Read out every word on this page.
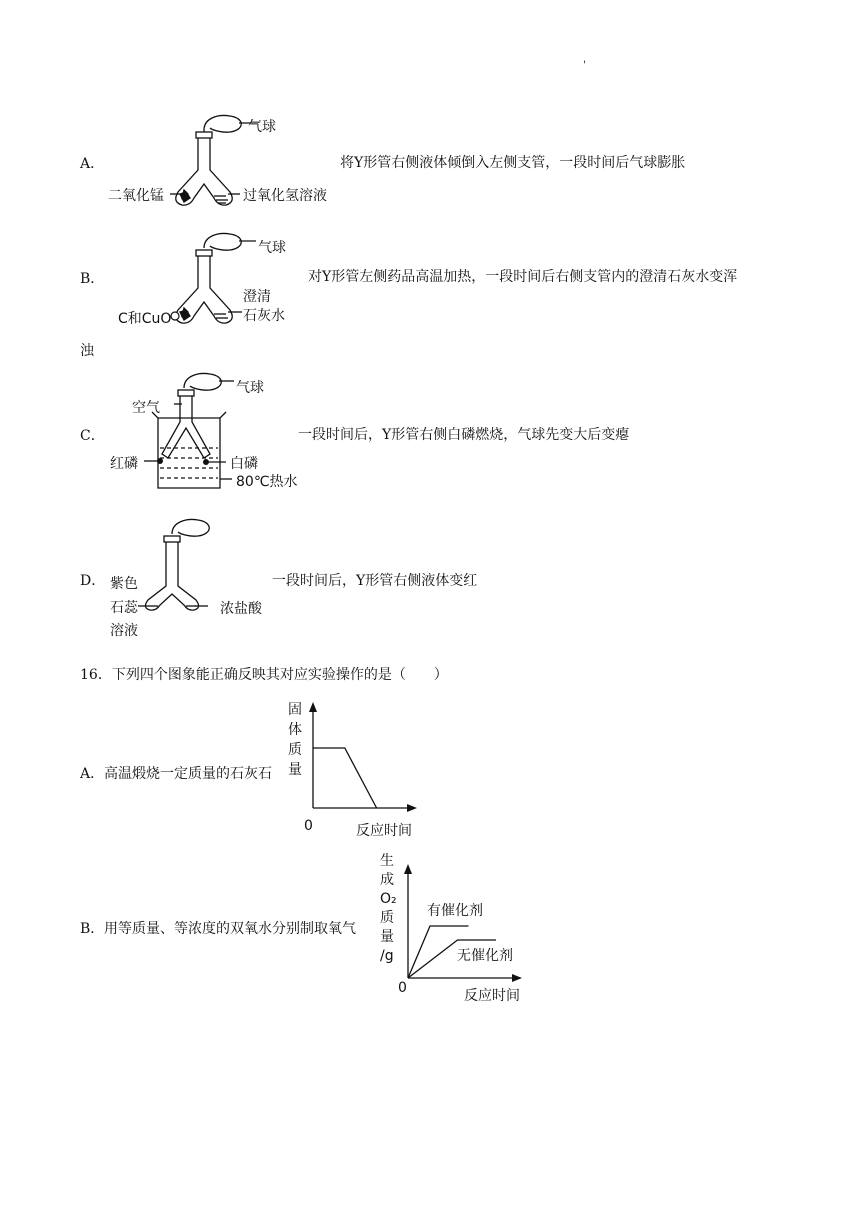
'
A．	将Y形管右侧液体倾倒入左侧支管，一段时间后气球膨胀
气球
二氧化锰	过氧化氢溶液
B．	对Y形管左侧药品高温加热，一段时间后右侧支管内的澄清石灰水变浑
浊
气球
澄清
石灰水
C和CuO
C．	一段时间后，Y形管右侧白磷燃烧，气球先变大后变瘪
气球
空气
红磷	白磷
80℃热水
D．	一段时间后，Y形管右侧液体变红
紫色
石蕊
溶液
浓盐酸
16．下列四个图象能正确反映其对应实验操作的是（　　）
A． 高温煅烧一定质量的石灰石
固体质量
0	反应时间
B． 用等质量、等浓度的双氧水分别制取氧气
生
成
O₂
质
量
/g
有催化剂
无催化剂
0	反应时间
